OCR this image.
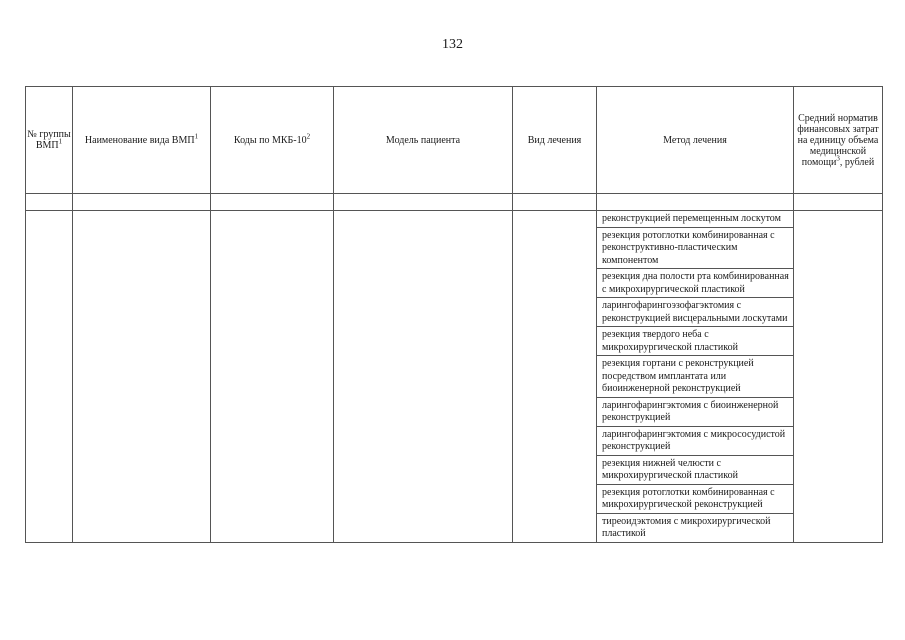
132
№ группы ВМП$^1$	Наименование вида ВМП$^1$	Коды по МКБ-$10^2$	Модель пациента	Вид лечения	Метод лечения	Средний норматив финансовых затрат на единицу объема медицинской помощи$^3$, рублей

					реконструкцией перемещенным лоскутом	
					резекция ротоглотки комбинированная с реконструктивно-пластическим компонентом	
					резекция дна полости рта комбинированная с микрохирургической пластикой	
					ларингофарингоэзофагэктомия с реконструкцией висцеральными лоскутами	
					резекция твердого неба с микрохирургической пластикой	
					резекция гортани с реконструкцией посредством имплантата или биоинженерной реконструкцией	
					ларингофарингэктомия с биоинженерной реконструкцией	
					ларингофарингэктомия с микрососудистой реконструкцией	
					резекция нижней челюсти с микрохирургической пластикой	
					резекция ротоглотки комбинированная с микрохирургической реконструкцией	
					тиреоидэктомия с микрохирургической пластикой	
